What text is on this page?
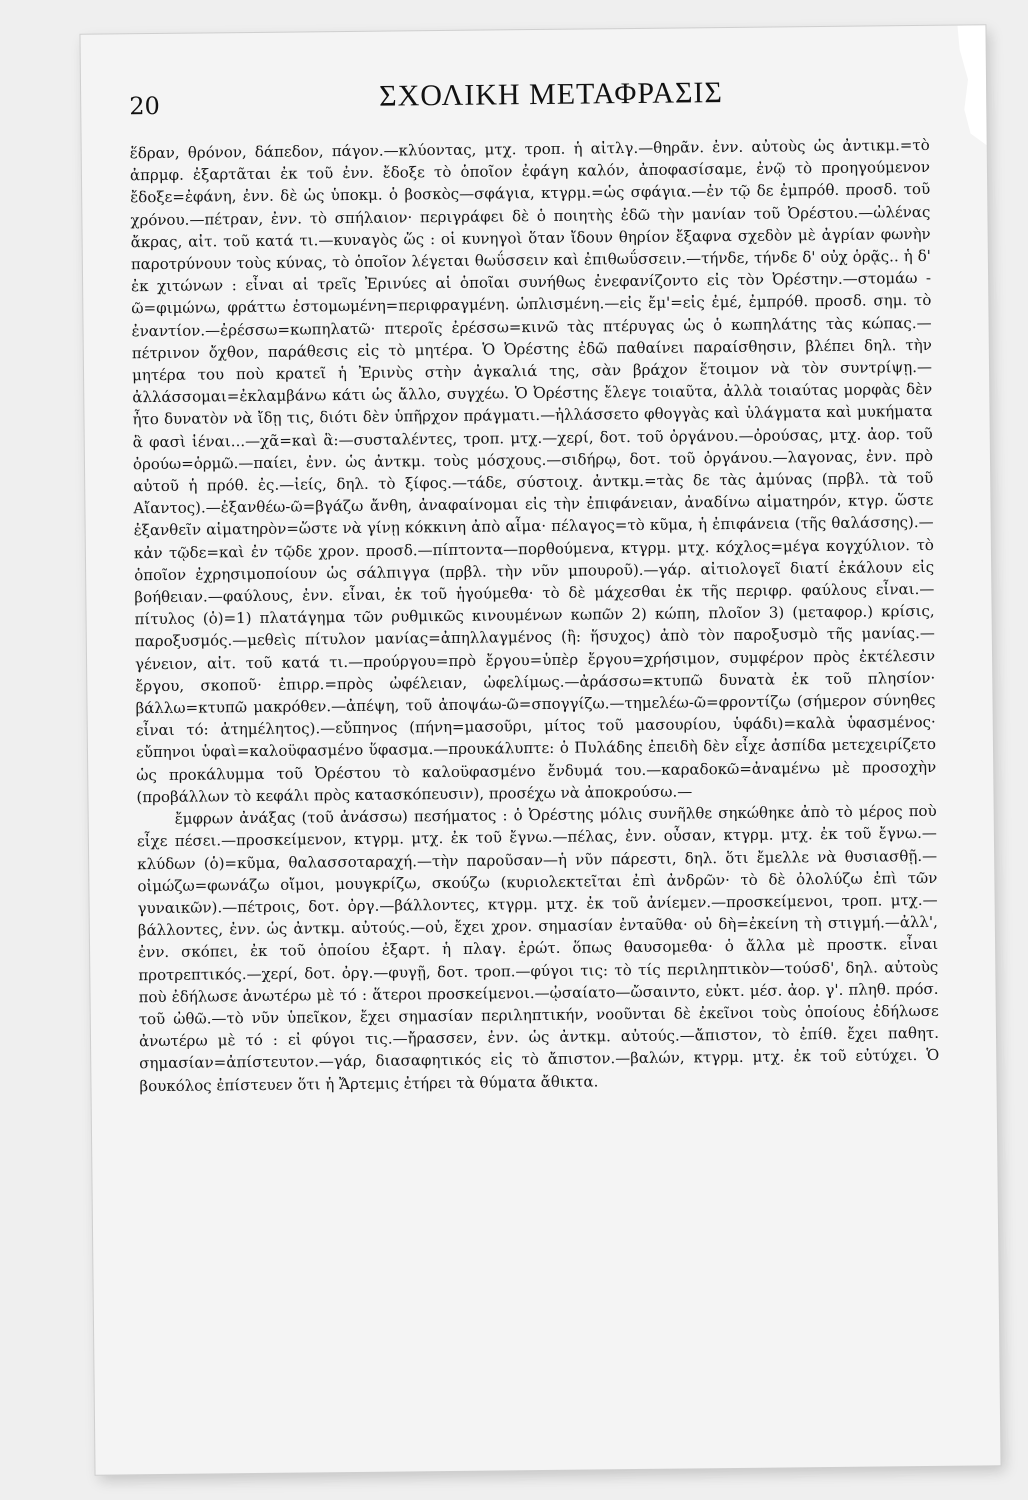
20	ΣΧΟΛΙΚΗ ΜΕΤΑΦΡΑΣΙΣ

ἕδραν, θρόνον, δάπεδον, πάγον.—κλύοντας, μτχ. τροπ. ἡ αἰτλγ.—θηρᾶν. ἐνν. αὐτοὺς ὡς ἀντικμ.=τὸ ἀπρμφ. ἐξαρτᾶται ἐκ τοῦ ἐνν. ἔδοξε τὸ ὁποῖον ἐφάγη καλόν, ἀποφασίσαμε, ἐνῷ τὸ προηγούμενον ἔδοξε=ἐφάνη, ἐνν. δὲ ὡς ὑποκμ. ὁ βοσκὸς—σφάγια, κτγρμ.=ὡς σφάγια.—ἐν τῷ δε ἐμπρόθ. προσδ. τοῦ χρόνου.—πέτραν, ἐνν. τὸ σπήλαιον· περιγράφει δὲ ὁ ποιητὴς ἐδῶ τὴν μανίαν τοῦ Ὀρέστου.—ὠλένας ἄκρας, αἰτ. τοῦ κατά τι.—κυναγὸς ὥς : οἱ κυνηγοὶ ὅταν ἴδουν θηρίον ἔξαφνα σχεδὸν μὲ ἀγρίαν φωνὴν παροτρύνουν τοὺς κύνας, τὸ ὁποῖον λέγεται θωΰσσειν καὶ ἐπιθωΰσσειν.—τήνδε, τήνδε δ' οὐχ ὁρᾷς.. ἡ δ' ἐκ χιτώνων : εἶναι αἱ τρεῖς Ἐρινύες αἱ ὁποῖαι συνήθως ἐνεφανίζοντο εἰς τὸν Ὀρέστην.—στομάω - ῶ=φιμώνω, φράττω ἐστομωμένη=περιφραγμένη. ὡπλισμένη.—εἰς ἔμ'=εἰς ἐμέ, ἐμπρόθ. προσδ. σημ. τὸ ἐναντίον.—ἐρέσσω=κωπηλατῶ· πτεροῖς ἐρέσσω=κινῶ τὰς πτέρυγας ὡς ὁ κωπηλάτης τὰς κώπας.—πέτρινον ὄχθον, παράθεσις εἰς τὸ μητέρα. Ὁ Ὀρέστης ἐδῶ παθαίνει παραίσθησιν, βλέπει δηλ. τὴν μητέρα του ποὺ κρατεῖ ἡ Ἐρινὺς στὴν ἀγκαλιά της, σὰν βράχον ἕτοιμον νὰ τὸν συντρίψῃ.—ἀλλάσσομαι=ἐκλαμβάνω κάτι ὡς ἄλλο, συγχέω. Ὁ Ὀρέστης ἔλεγε τοιαῦτα, ἀλλὰ τοιαύτας μορφὰς δὲν ἦτο δυνατὸν νὰ ἴδῃ τις, διότι δὲν ὑπῆρχον πράγματι.—ἠλλάσσετο φθογγὰς καὶ ὑλάγματα καὶ μυκήματα ἃ φασὶ ἱέναι...—χᾶ=καὶ ἃ:—συσταλέντες, τροπ. μτχ.—χερί, δοτ. τοῦ ὀργάνου.—ὀρούσας, μτχ. ἀορ. τοῦ ὀρούω=ὁρμῶ.—παίει, ἐνν. ὡς ἀντκμ. τοὺς μόσχους.—σιδήρῳ, δοτ. τοῦ ὀργάνου.—λαγονας, ἐνν. πρὸ αὐτοῦ ἡ πρόθ. ἐς.—ἰείς, δηλ. τὸ ξίφος.—τάδε, σύστοιχ. ἀντκμ.=τὰς δε τὰς ἀμύνας (πρβλ. τὰ τοῦ Αἴαντος).—ἐξανθέω-ῶ=βγάζω ἄνθη, ἀναφαίνομαι εἰς τὴν ἐπιφάνειαν, ἀναδίνω αἱματηρόν, κτγρ. ὥστε ἐξανθεῖν αἱματηρὸν=ὥστε νὰ γίνῃ κόκκινη ἀπὸ αἷμα· πέλαγος=τὸ κῦμα, ἡ ἐπιφάνεια (τῆς θαλάσσης).—κἀν τῷδε=καὶ ἐν τῷδε χρον. προσδ.—πίπτοντα—πορθούμενα, κτγρμ. μτχ. κόχλος=μέγα κογχύλιον. τὸ ὁποῖον ἐχρησιμοποίουν ὡς σάλπιγγα (πρβλ. τὴν νῦν μπουροῦ).—γάρ. αἰτιολογεῖ διατί ἐκάλουν εἰς βοήθειαν.—φαύλους, ἐνν. εἶναι, ἐκ τοῦ ἡγούμεθα· τὸ δὲ μάχεσθαι ἐκ τῆς περιφρ. φαύλους εἶναι.—πίτυλος (ὁ)=1) πλατάγημα τῶν ρυθμικῶς κινουμένων κωπῶν 2) κώπη, πλοῖον 3) (μεταφορ.) κρίσις, παροξυσμός.—μεθεὶς πίτυλον μανίας=ἀπηλλαγμένος (ἢ: ἥσυχος) ἀπὸ τὸν παροξυσμὸ τῆς μανίας.—γένειον, αἰτ. τοῦ κατά τι.—προύργου=πρὸ ἔργου=ὑπὲρ ἔργου=χρήσιμον, συμφέρον πρὸς ἐκτέλεσιν ἔργου, σκοποῦ· ἐπιρρ.=πρὸς ὠφέλειαν, ὠφελίμως.—ἀράσσω=κτυπῶ δυνατὰ ἐκ τοῦ πλησίον· βάλλω=κτυπῶ μακρόθεν.—ἀπέψη, τοῦ ἀποψάω-ῶ=σπογγίζω.—τημελέω-ῶ=φροντίζω (σήμερον σύνηθες εἶναι τό: ἀτημέλητος).—εὔπηνος (πήνη=μασοῦρι, μίτος τοῦ μασουρίου, ὑφάδι)=καλὰ ὑφασμένος· εὔπηνοι ὑφαὶ=καλοϋφασμένο ὕφασμα.—προυκάλυπτε: ὁ Πυλάδης ἐπειδὴ δὲν εἶχε ἀσπίδα μετεχειρίζετο ὡς προκάλυμμα τοῦ Ὀρέστου τὸ καλοϋφασμένο ἔνδυμά του.—καραδοκῶ=ἀναμένω μὲ προσοχὴν (προβάλλων τὸ κεφάλι πρὸς κατασκόπευσιν), προσέχω νὰ ἀποκρούσω.—

ἔμφρων ἀνάξας (τοῦ ἀνάσσω) πεσήματος : ὁ Ὀρέστης μόλις συνῆλθε σηκώθηκε ἀπὸ τὸ μέρος ποὺ εἶχε πέσει.—προσκείμενον, κτγρμ. μτχ. ἐκ τοῦ ἔγνω.—πέλας, ἐνν. οὖσαν, κτγρμ. μτχ. ἐκ τοῦ ἔγνω.—κλύδων (ὁ)=κῦμα, θαλασσοταραχή.—τὴν παροῦσαν—ἡ νῦν πάρεστι, δηλ. ὅτι ἔμελλε νὰ θυσιασθῇ.—οἰμώζω=φωνάζω οἴμοι, μουγκρίζω, σκούζω (κυριολεκτεῖται ἐπὶ ἀνδρῶν· τὸ δὲ ὀλολύζω ἐπὶ τῶν γυναικῶν).—πέτροις, δοτ. ὀργ.—βάλλοντες, κτγρμ. μτχ. ἐκ τοῦ ἀνίεμεν.—προσκείμενοι, τροπ. μτχ.—βάλλοντες, ἐνν. ὡς ἀντκμ. αὐτούς.—οὐ, ἔχει χρον. σημασίαν ἐνταῦθα· οὐ δὴ=ἐκείνη τὴ στιγμή.—ἀλλ', ἐνν. σκόπει, ἐκ τοῦ ὁποίου ἐξαρτ. ἡ πλαγ. ἐρώτ. ὅπως θαυσομεθα· ὁ ἄλλα μὲ προστκ. εἶναι προτρεπτικός.—χερί, δοτ. ὀργ.—φυγῇ, δοτ. τροπ.—φύγοι τις: τὸ τίς περιληπτικὸν—τούσδ', δηλ. αὐτοὺς ποὺ ἐδήλωσε ἀνωτέρω μὲ τό : ἅτεροι προσκείμενοι.—ᾠσαίατο—ὤσαιντο, εὐκτ. μέσ. ἀορ. γ'. πληθ. πρόσ. τοῦ ὠθῶ.—τὸ νῦν ὑπεῖκον, ἔχει σημασίαν περιληπτικήν, νοοῦνται δὲ ἐκεῖνοι τοὺς ὁποίους ἐδήλωσε ἀνωτέρω μὲ τό : εἰ φύγοι τις.—ἤρασσεν, ἐνν. ὡς ἀντκμ. αὐτούς.—ἄπιστον, τὸ ἐπίθ. ἔχει παθητ. σημασίαν=ἀπίστευτον.—γάρ, διασαφητικός εἰς τὸ ἄπιστον.—βαλών, κτγρμ. μτχ. ἐκ τοῦ εὐτύχει. Ὁ βουκόλος ἐπίστευεν ὅτι ἡ Ἄρτεμις ἐτήρει τὰ θύματα ἄθικτα.
